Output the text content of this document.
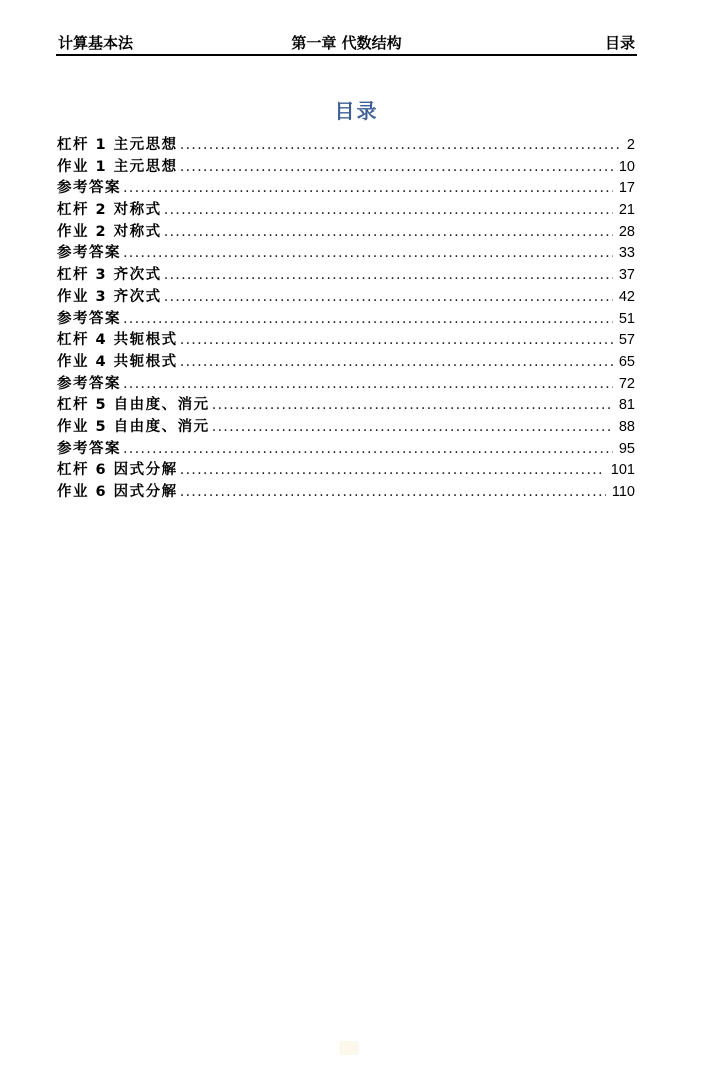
计算基本法	第一章 代数结构	目录
目录
杠杆 1 主元思想 .....	2
作业 1 主元思想 .....	10
参考答案 .....	17
杠杆 2 对称式 .....	21
作业 2 对称式 .....	28
参考答案 .....	33
杠杆 3 齐次式 .....	37
作业 3 齐次式 .....	42
参考答案 .....	51
杠杆 4 共轭根式 .....	57
作业 4 共轭根式 .....	65
参考答案 .....	72
杠杆 5 自由度、消元 .....	81
作业 5 自由度、消元 .....	88
参考答案 .....	95
杠杆 6 因式分解 .....	101
作业 6 因式分解 .....	110
